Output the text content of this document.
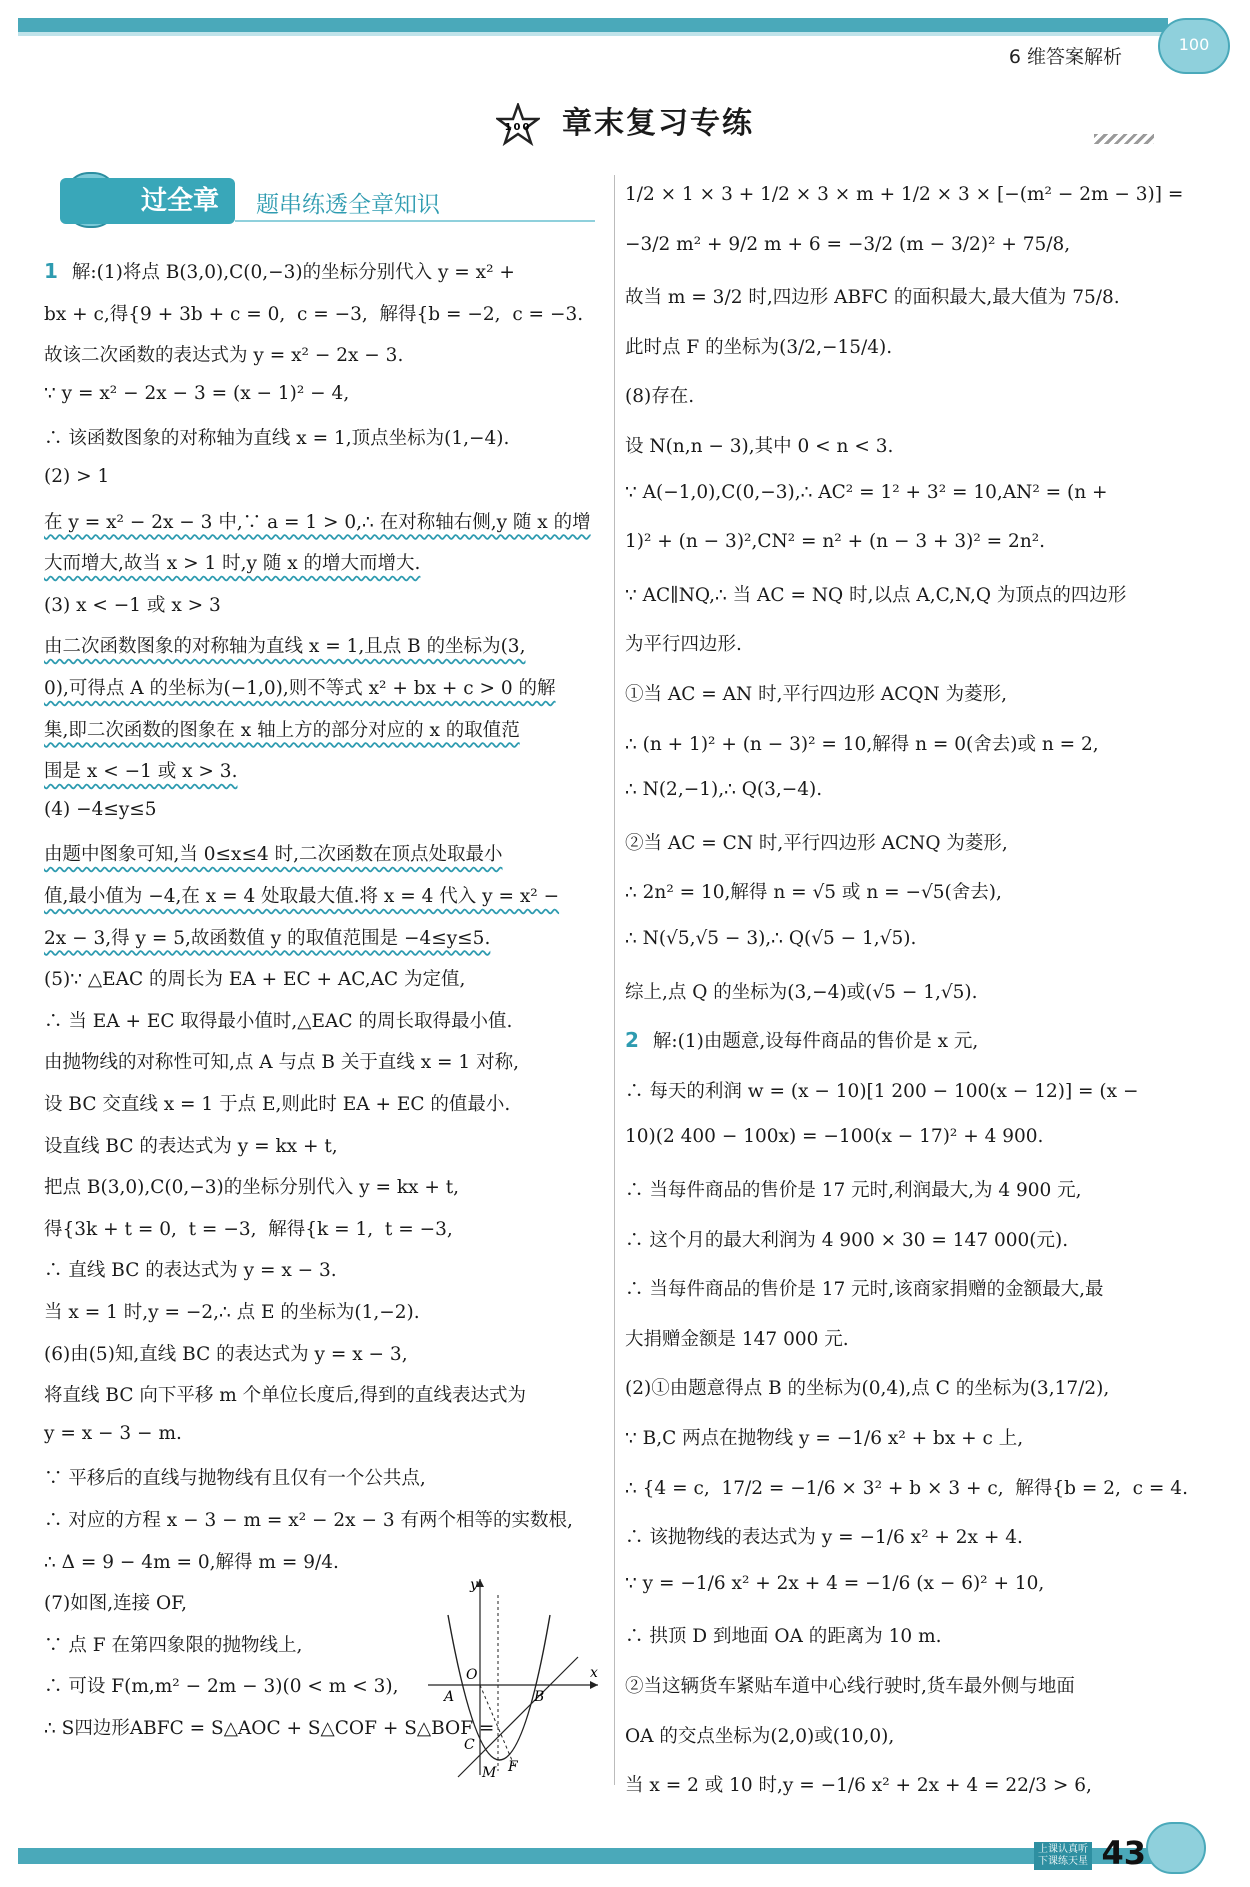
6 维答案解析
100
100 章末复习专练
过全章	题串练透全章知识
1 解:(1)将点 B(3,0),C(0,−3)的坐标分别代入 y = x² +
bx + c,得{9 + 3b + c = 0,  c = −3,  解得{b = −2,  c = −3.
故该二次函数的表达式为 y = x² − 2x − 3.
∵ y = x² − 2x − 3 = (x − 1)² − 4,
∴ 该函数图象的对称轴为直线 x = 1,顶点坐标为(1,−4).
(2) > 1
在 y = x² − 2x − 3 中,∵ a = 1 > 0,∴ 在对称轴右侧,y 随 x 的增
大而增大,故当 x > 1 时,y 随 x 的增大而增大.
(3) x < −1 或 x > 3
由二次函数图象的对称轴为直线 x = 1,且点 B 的坐标为(3,
0),可得点 A 的坐标为(−1,0),则不等式 x² + bx + c > 0 的解
集,即二次函数的图象在 x 轴上方的部分对应的 x 的取值范
围是 x < −1 或 x > 3.
(4) −4≤y≤5
由题中图象可知,当 0≤x≤4 时,二次函数在顶点处取最小
值,最小值为 −4,在 x = 4 处取最大值.将 x = 4 代入 y = x² −
2x − 3,得 y = 5,故函数值 y 的取值范围是 −4≤y≤5.
(5)∵ △EAC 的周长为 EA + EC + AC,AC 为定值,
∴ 当 EA + EC 取得最小值时,△EAC 的周长取得最小值.
由抛物线的对称性可知,点 A 与点 B 关于直线 x = 1 对称,
设 BC 交直线 x = 1 于点 E,则此时 EA + EC 的值最小.
设直线 BC 的表达式为 y = kx + t,
把点 B(3,0),C(0,−3)的坐标分别代入 y = kx + t,
得{3k + t = 0,  t = −3,  解得{k = 1,  t = −3,
∴ 直线 BC 的表达式为 y = x − 3.
当 x = 1 时,y = −2,∴ 点 E 的坐标为(1,−2).
(6)由(5)知,直线 BC 的表达式为 y = x − 3,
将直线 BC 向下平移 m 个单位长度后,得到的直线表达式为
y = x − 3 − m.
∵ 平移后的直线与抛物线有且仅有一个公共点,
∴ 对应的方程 x − 3 − m = x² − 2x − 3 有两个相等的实数根,
∴ Δ = 9 − 4m = 0,解得 m = 9/4.
(7)如图,连接 OF,
∵ 点 F 在第四象限的抛物线上,
∴ 可设 F(m,m² − 2m − 3)(0 < m < 3),
∴ S四边形ABFC = S△AOC + S△COF + S△BOF =
1/2 × 1 × 3 + 1/2 × 3 × m + 1/2 × 3 × [−(m² − 2m − 3)] =
−3/2 m² + 9/2 m + 6 = −3/2 (m − 3/2)² + 75/8,
故当 m = 3/2 时,四边形 ABFC 的面积最大,最大值为 75/8.
此时点 F 的坐标为(3/2,−15/4).
(8)存在.
设 N(n,n − 3),其中 0 < n < 3.
∵ A(−1,0),C(0,−3),∴ AC² = 1² + 3² = 10,AN² = (n +
1)² + (n − 3)²,CN² = n² + (n − 3 + 3)² = 2n².
∵ AC∥NQ,∴ 当 AC = NQ 时,以点 A,C,N,Q 为顶点的四边形
为平行四边形.
①当 AC = AN 时,平行四边形 ACQN 为菱形,
∴ (n + 1)² + (n − 3)² = 10,解得 n = 0(舍去)或 n = 2,
∴ N(2,−1),∴ Q(3,−4).
②当 AC = CN 时,平行四边形 ACNQ 为菱形,
∴ 2n² = 10,解得 n = √5 或 n = −√5(舍去),
∴ N(√5,√5 − 3),∴ Q(√5 − 1,√5).
综上,点 Q 的坐标为(3,−4)或(√5 − 1,√5).
2 解:(1)由题意,设每件商品的售价是 x 元,
∴ 每天的利润 w = (x − 10)[1 200 − 100(x − 12)] = (x −
10)(2 400 − 100x) = −100(x − 17)² + 4 900.
∴ 当每件商品的售价是 17 元时,利润最大,为 4 900 元,
∴ 这个月的最大利润为 4 900 × 30 = 147 000(元).
∴ 当每件商品的售价是 17 元时,该商家捐赠的金额最大,最
大捐赠金额是 147 000 元.
(2)①由题意得点 B 的坐标为(0,4),点 C 的坐标为(3,17/2),
∵ B,C 两点在抛物线 y = −1/6 x² + bx + c 上,
∴ {4 = c,  17/2 = −1/6 × 3² + b × 3 + c,  解得{b = 2,  c = 4.
∴ 该抛物线的表达式为 y = −1/6 x² + 2x + 4.
∵ y = −1/6 x² + 2x + 4 = −1/6 (x − 6)² + 10,
∴ 拱顶 D 到地面 OA 的距离为 10 m.
②当这辆货车紧贴车道中心线行驶时,货车最外侧与地面
OA 的交点坐标为(2,0)或(10,0),
当 x = 2 或 10 时,y = −1/6 x² + 2x + 4 = 22/3 > 6,
y
x
O
A	B
C
M F
上课认真听
下课练天星 43
